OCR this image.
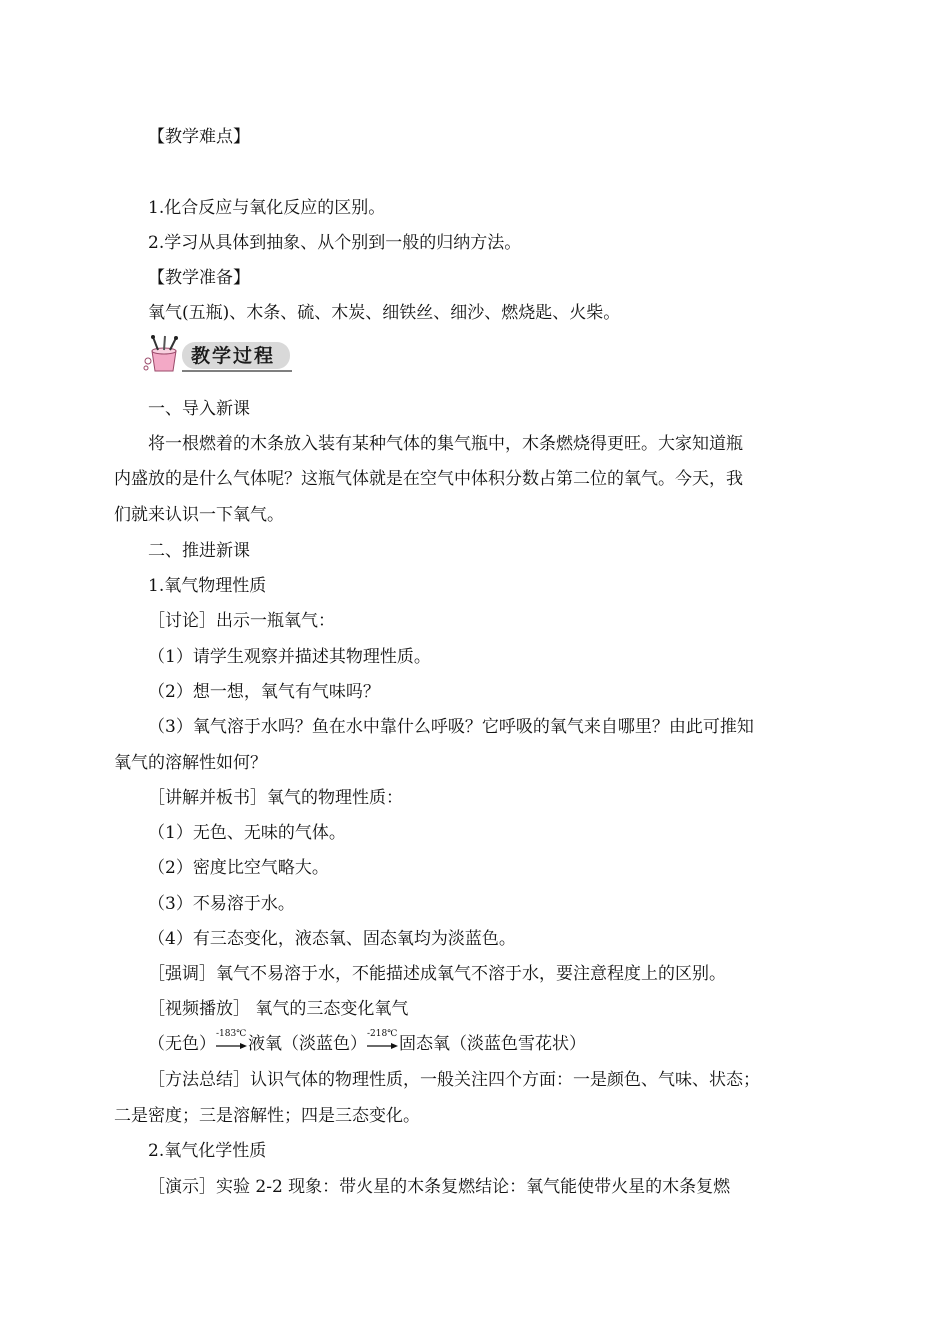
【教学难点】
1.化合反应与氧化反应的区别。
2.学习从具体到抽象、从个别到一般的归纳方法。
【教学准备】
氧气(五瓶)、木条、硫、木炭、细铁丝、细沙、燃烧匙、火柴。
教学过程
一、导入新课
将一根燃着的木条放入装有某种气体的集气瓶中，木条燃烧得更旺。大家知道瓶
内盛放的是什么气体呢？这瓶气体就是在空气中体积分数占第二位的氧气。今天，我
们就来认识一下氧气。
二、推进新课
1.氧气物理性质
［讨论］出示一瓶氧气：
（1）请学生观察并描述其物理性质。
（2）想一想，氧气有气味吗？
（3）氧气溶于水吗？鱼在水中靠什么呼吸？它呼吸的氧气来自哪里？由此可推知
氧气的溶解性如何？
［讲解并板书］氧气的物理性质：
（1）无色、无味的气体。
（2）密度比空气略大。
（3）不易溶于水。
（4）有三态变化，液态氧、固态氧均为淡蓝色。
［强调］氧气不易溶于水，不能描述成氧气不溶于水，要注意程度上的区别。
［视频播放］ 氧气的三态变化氧气
（无色） -183℃ 液氧（淡蓝色） -218℃ 固态氧（淡蓝色雪花状）
［方法总结］认识气体的物理性质，一般关注四个方面：一是颜色、气味、状态；
二是密度；三是溶解性；四是三态变化。
2.氧气化学性质
［演示］实验 2-2 现象：带火星的木条复燃结论：氧气能使带火星的木条复燃
